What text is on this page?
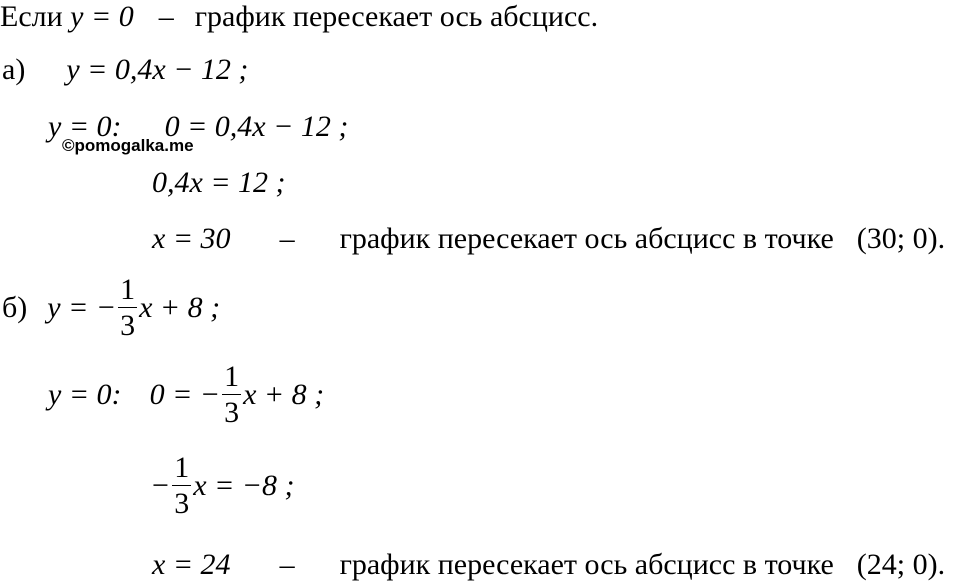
Если y = 0 – график пересекает ось абсцисс.
а) y = 0,4x − 12 ;
y = 0: 0 = 0,4x − 12 ;
©pomogalka.me
0,4x = 12 ;
x = 30 – график пересекает ось абсцисс в точке (30; 0).
б) y = − $\frac{1}{3}$ x + 8 ;
y = 0: 0 = − $\frac{1}{3}$ x + 8 ;
− $\frac{1}{3}$ x = −8 ;
x = 24 – график пересекает ось абсцисс в точке (24; 0).
